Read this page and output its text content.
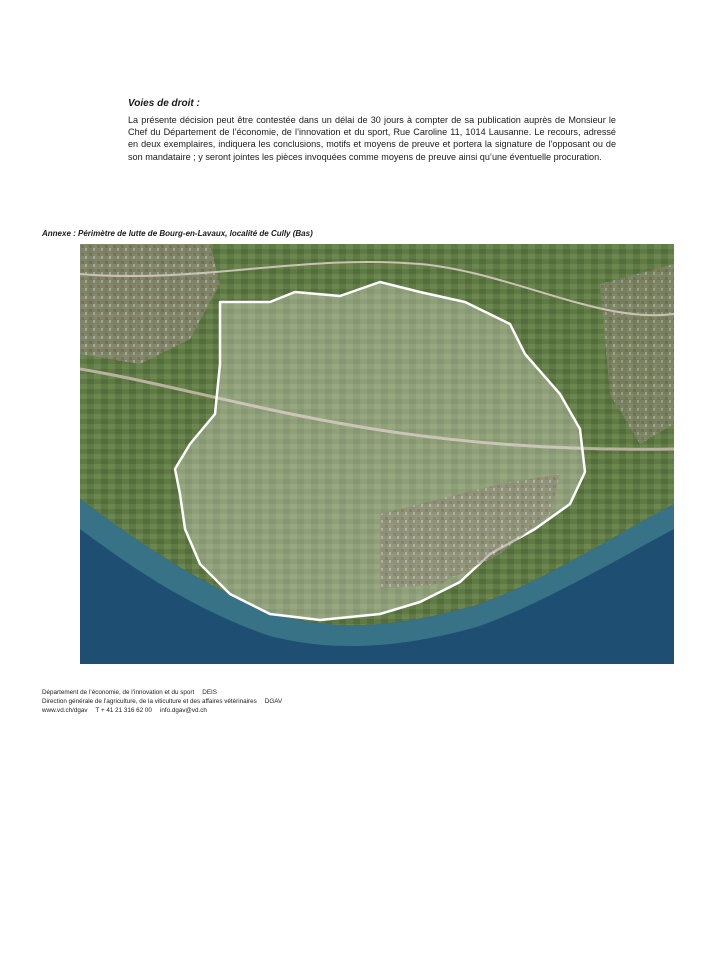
Voies de droit :

La présente décision peut être contestée dans un délai de 30 jours à compter de sa publication auprès de Monsieur le Chef du Département de l’économie, de l’innovation et du sport, Rue Caroline 11, 1014 Lausanne. Le recours, adressé en deux exemplaires, indiquera les conclusions, motifs et moyens de preuve et portera la signature de l’opposant ou de son mandataire ; y seront jointes les pièces invoquées comme moyens de preuve ainsi qu’une éventuelle procuration.

Annexe : Périmètre de lutte de Bourg-en-Lavaux, localité de Cully (Bas)
Département de l’économie, de l’innovation et du sport DEIS
Direction générale de l’agriculture, de la viticulture et des affaires vétérinaires DGAV
www.vd.ch/dgav T + 41 21 316 62 00 info.dgav@vd.ch
